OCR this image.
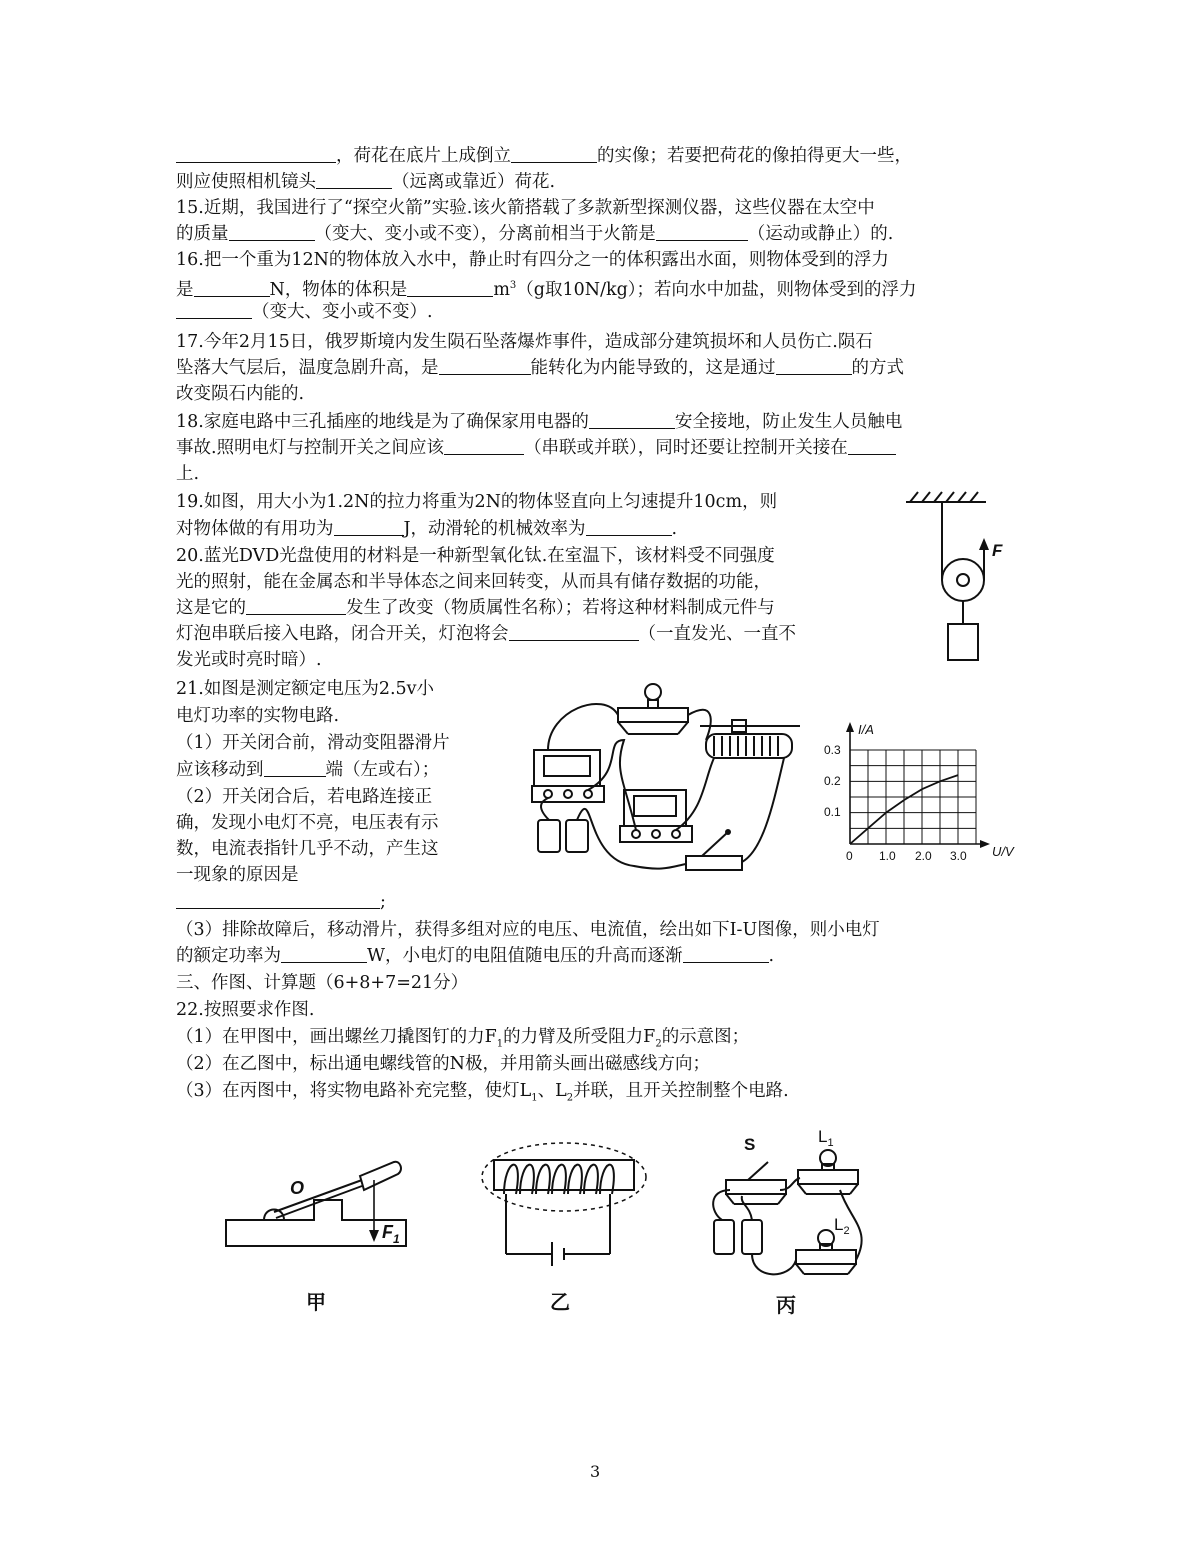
，荷花在底片上成倒立	的实像；若要把荷花的像拍得更大一些，
则应使照相机镜头	（远离或靠近）荷花.
15.近期，我国进行了“探空火箭”实验.该火箭搭载了多款新型探测仪器，这些仪器在太空中
的质量	（变大、变小或不变），分离前相当于火箭是	（运动或静止）的.
16.把一个重为12N的物体放入水中，静止时有四分之一的体积露出水面，则物体受到的浮力
是	N，物体的体积是	$m^3(g$取10N/kg）；若向水中加盐，则物体受到的浮力
（变大、变小或不变）.
17.今年2月15日，俄罗斯境内发生陨石坠落爆炸事件，造成部分建筑损坏和人员伤亡.陨石
坠落大气层后，温度急剧升高，是	能转化为内能导致的，这是通过	的方式
改变陨石内能的.
18.家庭电路中三孔插座的地线是为了确保家用电器的	安全接地，防止发生人员触电
事故.照明电灯与控制开关之间应该	（串联或并联），同时还要让控制开关接在
上.
19.如图，用大小为1.2N的拉力将重为2N的物体竖直向上匀速提升10cm，则
对物体做的有用功为	J，动滑轮的机械效率为	.
20.蓝光DVD光盘使用的材料是一种新型氧化钛.在室温下，该材料受不同强度
光的照射，能在金属态和半导体态之间来回转变，从而具有储存数据的功能，
这是它的	发生了改变（物质属性名称）；若将这种材料制成元件与
灯泡串联后接入电路，闭合开关，灯泡将会	（一直发光、一直不
发光或时亮时暗）.
21.如图是测定额定电压为2.5v小
电灯功率的实物电路.
（1）开关闭合前，滑动变阻器滑片
应该移动到	端（左或右）；
（2）开关闭合后，若电路连接正
确，发现小电灯不亮，电压表有示
数，电流表指针几乎不动，产生这
一现象的原因是
;
（3）排除故障后，移动滑片，获得多组对应的电压、电流值，绘出如下I-U图像，则小电灯
的额定功率为	W，小电灯的电阻值随电压的升高而逐渐	.
三、作图、计算题（6+8+7=21分）
22.按照要求作图.
（1）在甲图中，画出螺丝刀撬图钉的力$F_1$的力臂及所受阻力$F_2$的示意图；
（2）在乙图中，标出通电螺线管的N极，并用箭头画出磁感线方向；
（3）在丙图中，将实物电路补充完整，使灯$L_1$、$L_2$并联，且开关控制整个电路.
F
I/A
U/V
0.3
0.2
0.1
0 1.0 2.0 3.0
O
$F_1$
甲	乙
S	$L_1$
$L_2$
丙
3
